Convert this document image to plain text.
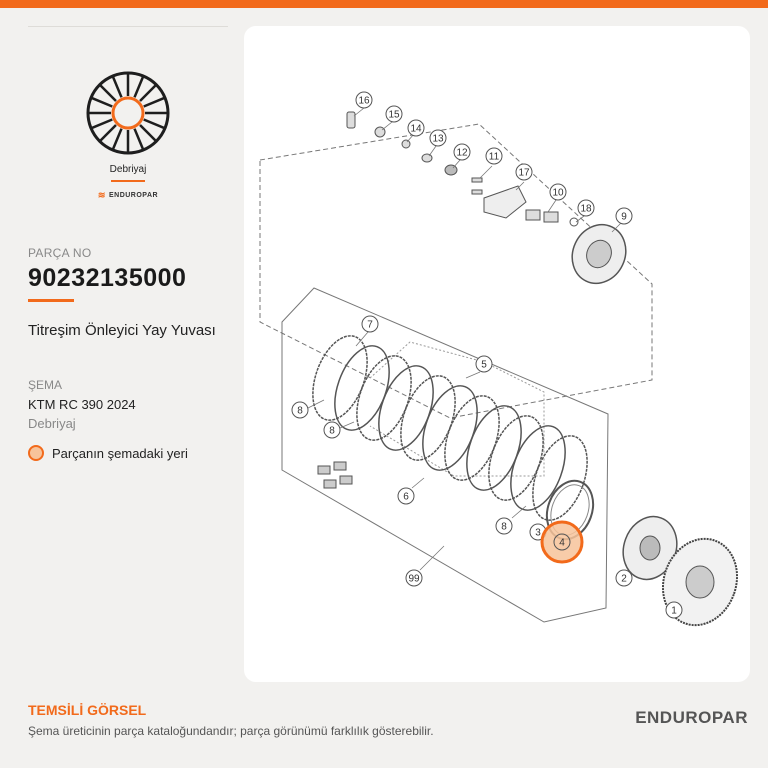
Debriyaj
≋ ENDUROPAR
PARÇA NO
90232135000
Titreşim Önleyici Yay Yuvası
ŞEMA
KTM RC 390 2024
Debriyaj
Parçanın şemadaki yeri
16
15
14
13
12 11
17
10
18
9
7
5
8
8
6
8
3
4
2
1
99
TEMSİLİ GÖRSEL
Şema üreticinin parça kataloğundandır; parça görünümü farklılık gösterebilir.
ENDUROPAR
